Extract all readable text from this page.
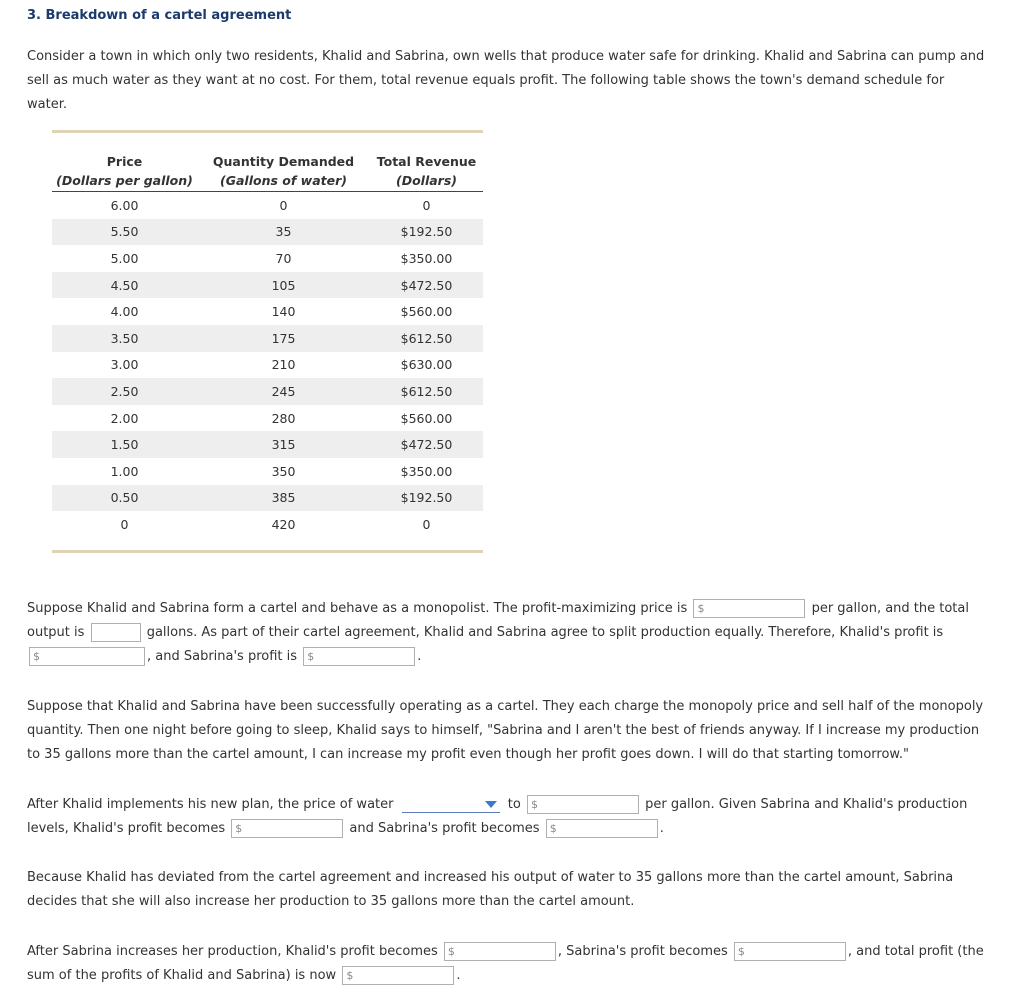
3. Breakdown of a cartel agreement

Consider a town in which only two residents, Khalid and Sabrina, own wells that produce water safe for drinking. Khalid and Sabrina can pump and sell as much water as they want at no cost. For them, total revenue equals profit. The following table shows the town's demand schedule for water.

Price	Quantity Demanded	Total Revenue
(Dollars per gallon)	(Gallons of water)	(Dollars)
6.00	0	0
5.50	35	$192.50
5.00	70	$350.00
4.50	105	$472.50
4.00	140	$560.00
3.50	175	$612.50
3.00	210	$630.00
2.50	245	$612.50
2.00	280	$560.00
1.50	315	$472.50
1.00	350	$350.00
0.50	385	$192.50
0	420	0

Suppose Khalid and Sabrina form a cartel and behave as a monopolist. The profit-maximizing price is $	per gallon, and the total output is	gallons. As part of their cartel agreement, Khalid and Sabrina agree to split production equally. Therefore, Khalid's profit is
$	, and Sabrina's profit is $	.

Suppose that Khalid and Sabrina have been successfully operating as a cartel. They each charge the monopoly price and sell half of the monopoly quantity. Then one night before going to sleep, Khalid says to himself, "Sabrina and I aren't the best of friends anyway. If I increase my production to 35 gallons more than the cartel amount, I can increase my profit even though her profit goes down. I will do that starting tomorrow."

After Khalid implements his new plan, the price of water	to $	per gallon. Given Sabrina and Khalid's production levels, Khalid's profit becomes $	and Sabrina's profit becomes $	.

Because Khalid has deviated from the cartel agreement and increased his output of water to 35 gallons more than the cartel amount, Sabrina decides that she will also increase her production to 35 gallons more than the cartel amount.

After Sabrina increases her production, Khalid's profit becomes $	, Sabrina's profit becomes $	, and total profit (the sum of the profits of Khalid and Sabrina) is now $	.
